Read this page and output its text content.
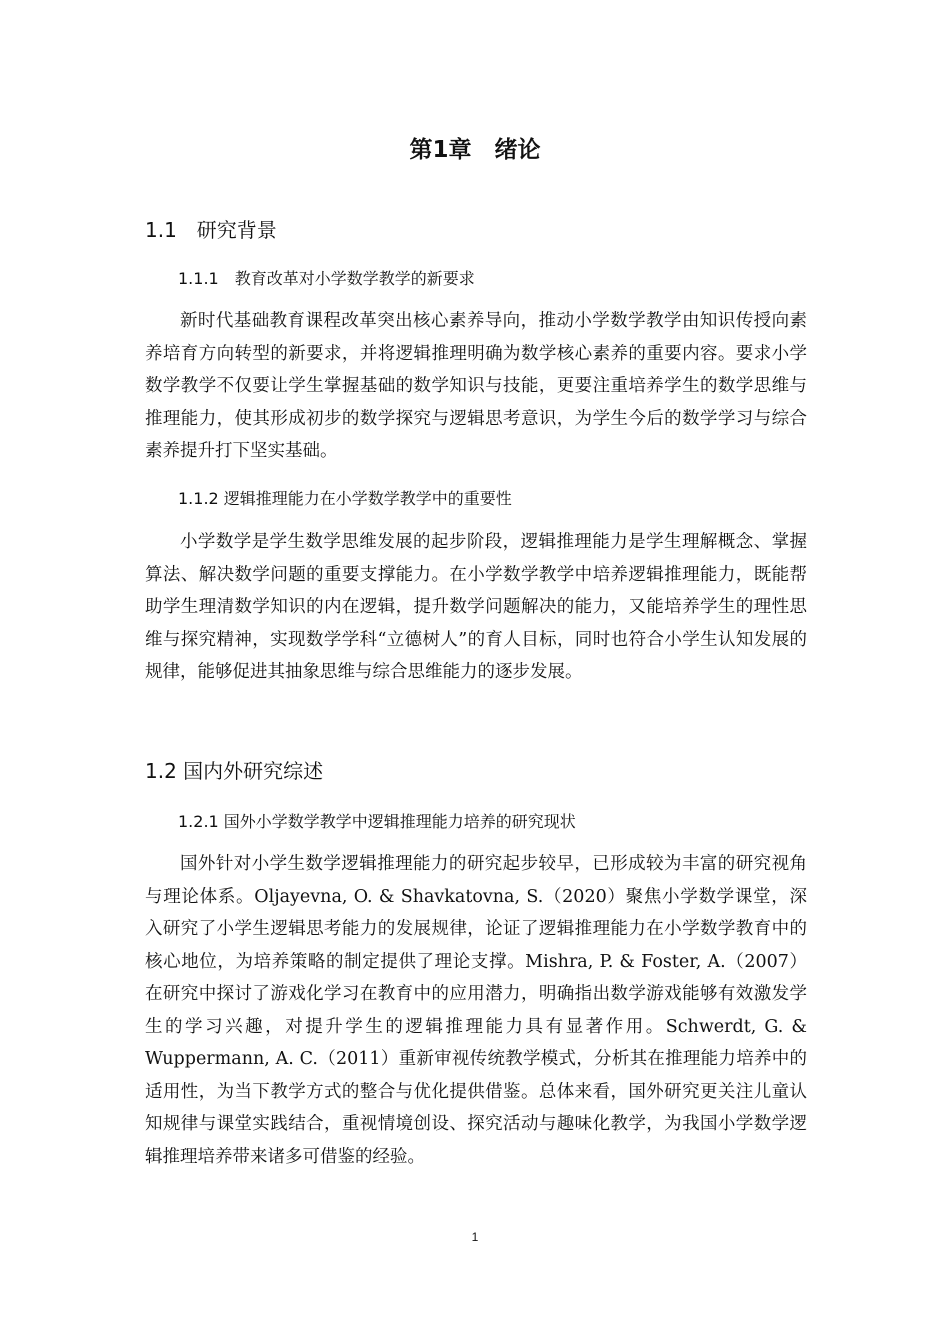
第1章　绪论
1.1　研究背景
1.1.1　教育改革对小学数学教学的新要求

新时代基础教育课程改革突出核心素养导向，推动小学数学教学由知识传授向素养培育方向转型的新要求，并将逻辑推理明确为数学核心素养的重要内容。要求小学数学教学不仅要让学生掌握基础的数学知识与技能，更要注重培养学生的数学思维与推理能力，使其形成初步的数学探究与逻辑思考意识，为学生今后的数学学习与综合素养提升打下坚实基础。

1.1.2 逻辑推理能力在小学数学教学中的重要性

小学数学是学生数学思维发展的起步阶段，逻辑推理能力是学生理解概念、掌握算法、解决数学问题的重要支撑能力。在小学数学教学中培养逻辑推理能力，既能帮助学生理清数学知识的内在逻辑，提升数学问题解决的能力，又能培养学生的理性思维与探究精神，实现数学学科“立德树人”的育人目标，同时也符合小学生认知发展的规律，能够促进其抽象思维与综合思维能力的逐步发展。

1.2 国内外研究综述
1.2.1 国外小学数学教学中逻辑推理能力培养的研究现状

国外针对小学生数学逻辑推理能力的研究起步较早，已形成较为丰富的研究视角与理论体系。Oljayevna, O. & Shavkatovna, S.（2020）聚焦小学数学课堂，深入研究了小学生逻辑思考能力的发展规律，论证了逻辑推理能力在小学数学教育中的核心地位，为培养策略的制定提供了理论支撑。Mishra, P. & Foster, A.（2007）在研究中探讨了游戏化学习在教育中的应用潜力，明确指出数学游戏能够有效激发学生的学习兴趣，对提升学生的逻辑推理能力具有显著作用。Schwerdt, G. & Wuppermann, A. C.（2011）重新审视传统教学模式，分析其在推理能力培养中的适用性，为当下教学方式的整合与优化提供借鉴。总体来看，国外研究更关注儿童认知规律与课堂实践结合，重视情境创设、探究活动与趣味化教学，为我国小学数学逻辑推理培养带来诸多可借鉴的经验。

1
